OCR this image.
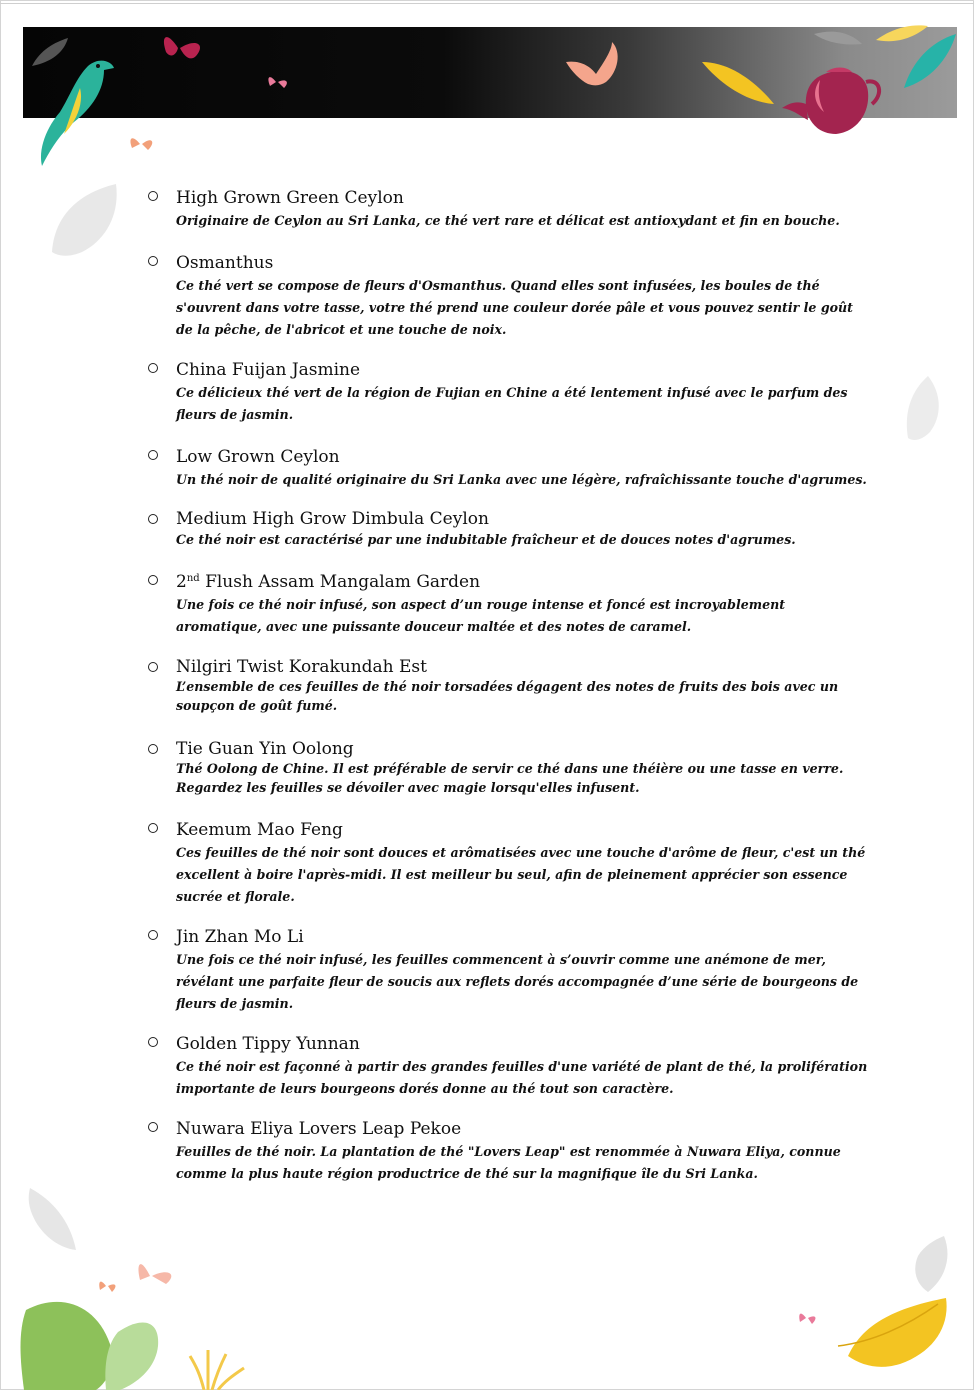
High Grown Green Ceylon

Originaire de Ceylon au Sri Lanka, ce thé vert rare et délicat est antioxydant et fin en bouche.

Osmanthus

Ce thé vert se compose de fleurs d'Osmanthus. Quand elles sont infusées, les boules de thé s'ouvrent dans votre tasse, votre thé prend une couleur dorée pâle et vous pouvez sentir le goût de la pêche, de l'abricot et une touche de noix.

China Fuijan Jasmine

Ce délicieux thé vert de la région de Fujian en Chine a été lentement infusé avec le parfum des fleurs de jasmin.

Low Grown Ceylon

Un thé noir de qualité originaire du Sri Lanka avec une légère, rafraîchissante touche d'agrumes.

Medium High Grow Dimbula Ceylon

Ce thé noir est caractérisé par une indubitable fraîcheur et de douces notes d'agrumes.

2nd Flush Assam Mangalam Garden

Une fois ce thé noir infusé, son aspect d’un rouge intense et foncé est incroyablement aromatique, avec une puissante douceur maltée et des notes de caramel.

Nilgiri Twist Korakundah Est

L’ensemble de ces feuilles de thé noir torsadées dégagent des notes de fruits des bois avec un soupçon de goût fumé.

Tie Guan Yin Oolong

Thé Oolong de Chine. Il est préférable de servir ce thé dans une théière ou une tasse en verre. Regardez les feuilles se dévoiler avec magie lorsqu'elles infusent.

Keemum Mao Feng

Ces feuilles de thé noir sont douces et arômatisées avec une touche d'arôme de fleur, c'est un thé excellent à boire l'après-midi. Il est meilleur bu seul, afin de pleinement apprécier son essence sucrée et florale.

Jin Zhan Mo Li

Une fois ce thé noir infusé, les feuilles commencent à s’ouvrir comme une anémone de mer, révélant une parfaite fleur de soucis aux reflets dorés accompagnée d’une série de bourgeons de fleurs de jasmin.

Golden Tippy Yunnan

Ce thé noir est façonné à partir des grandes feuilles d'une variété de plant de thé, la prolifération importante de leurs bourgeons dorés donne au thé tout son caractère.

Nuwara Eliya Lovers Leap Pekoe

Feuilles de thé noir. La plantation de thé "Lovers Leap" est renommée à Nuwara Eliya, connue comme la plus haute région productrice de thé sur la magnifique île du Sri Lanka.
